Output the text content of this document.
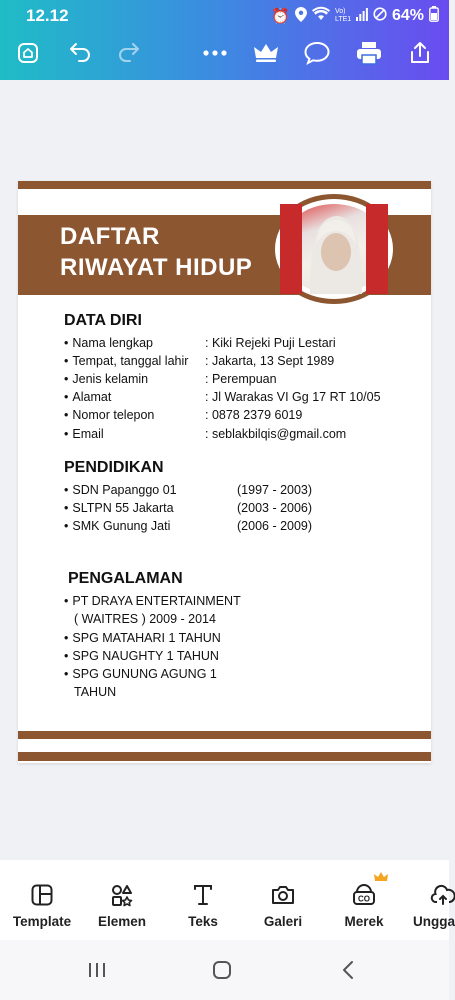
12.12	⏰	Vo) LTE1	64%
DAFTAR
RIWAYAT HIDUP
DATA DIRI
• Nama lengkap	: Kiki Rejeki Puji Lestari
• Tempat, tanggal lahir : Jakarta, 13 Sept 1989
• Jenis kelamin	: Perempuan
• Alamat	: Jl Warakas VI Gg 17 RT 10/05
• Nomor telepon	: 0878 2379 6019
• Email	: seblakbilqis@gmail.com
PENDIDIKAN
• SDN Papanggo 01	(1997 - 2003)
• SLTPN 55 Jakarta	(2003 - 2006)
• SMK Gunung Jati	(2006 - 2009)
PENGALAMAN
• PT DRAYA ENTERTAINMENT
( WAITRES ) 2009 - 2014
• SPG MATAHARI 1 TAHUN
• SPG NAUGHTY 1 TAHUN
• SPG GUNUNG AGUNG 1
TAHUN
Template Elemen	Teks	Galeri
CO
Merek Ungga
